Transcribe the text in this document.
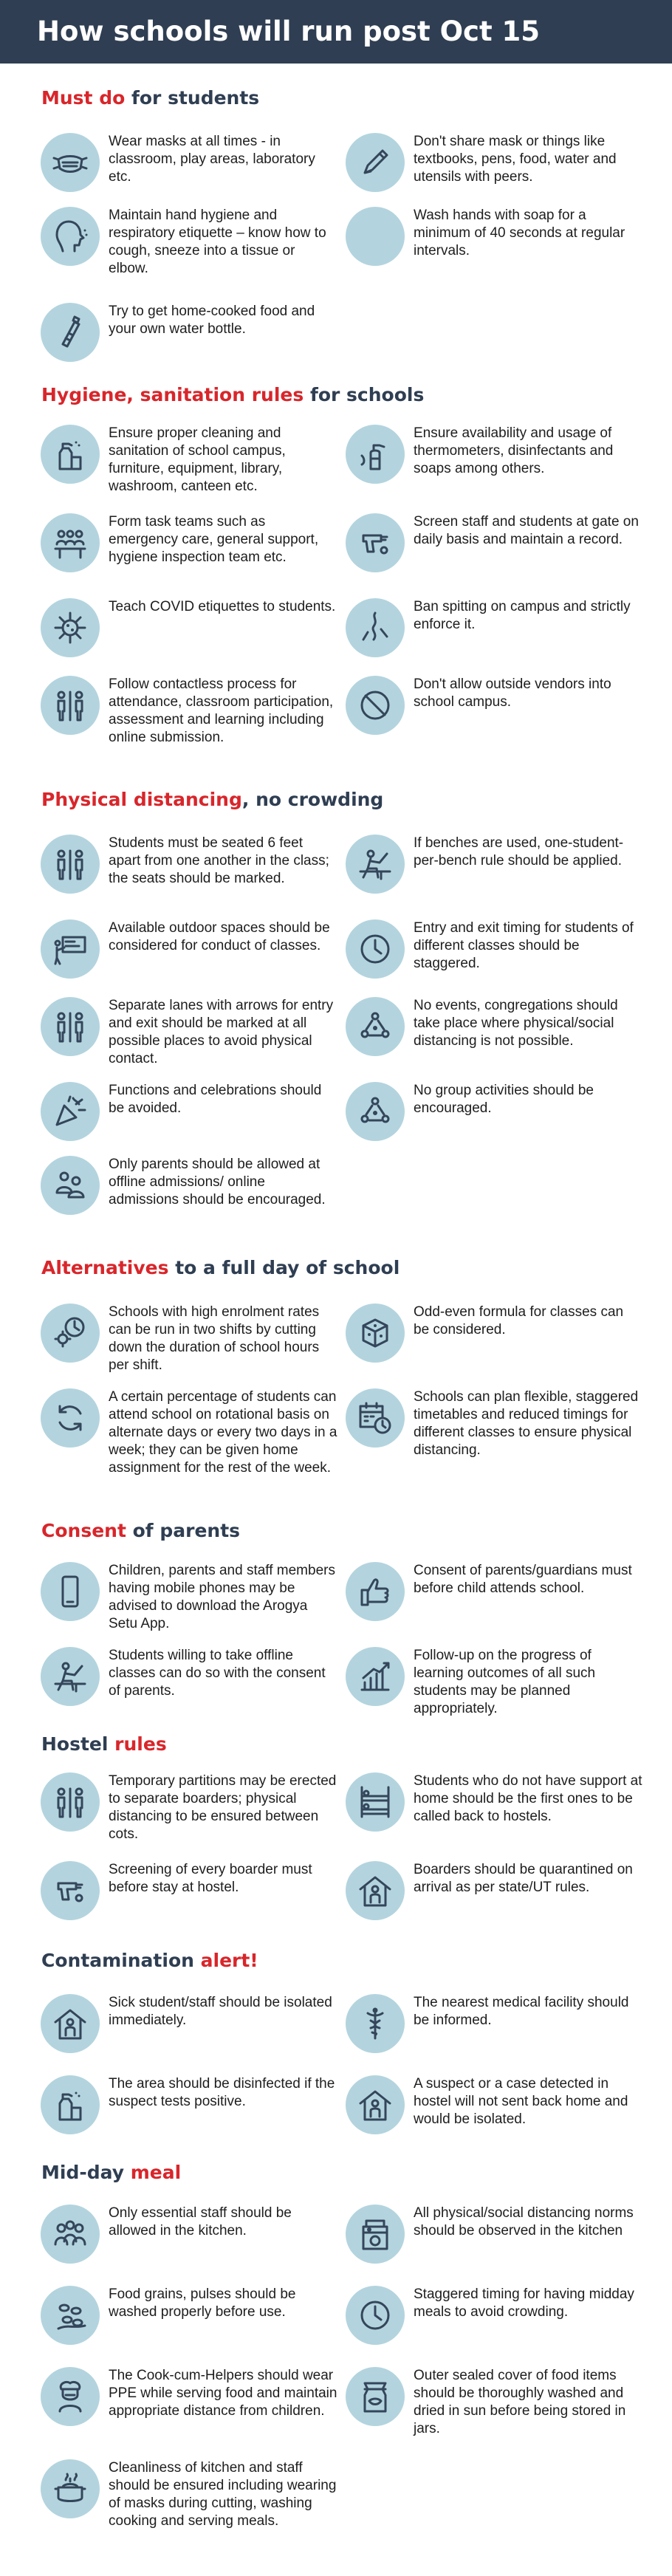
How schools will run post Oct 15
Must do for students
Hygiene, sanitation rules for schools
Physical distancing, no crowding
Alternatives to a full day of school
Consent of parents
Hostel rules
Contamination alert!
Mid-day meal
Wear masks at all times - in classroom, play areas, laboratory etc.
Don't share mask or things like textbooks, pens, food, water and utensils with peers.
Maintain hand hygiene and respiratory etiquette – know how to cough, sneeze into a tissue or elbow.
Wash hands with soap for a minimum of 40 seconds at regular intervals.
Try to get home-cooked food and your own water bottle.
Ensure proper cleaning and sanitation of school campus, furniture, equipment, library, washroom, canteen etc.
Ensure availability and usage of thermometers, disinfectants and soaps among others.
Form task teams such as emergency care, general support, hygiene inspection team etc.
Screen staff and students at gate on daily basis and maintain a record.
Teach COVID etiquettes to students.	Ban spitting on campus and strictly enforce it.
Follow contactless process for attendance, classroom participation, assessment and learning including online submission.
Don't allow outside vendors into school campus.
Students must be seated 6 feet apart from one another in the class; the seats should be marked.
If benches are used, one-student-per-bench rule should be applied.
Available outdoor spaces should be considered for conduct of classes.
Entry and exit timing for students of different classes should be staggered.
Separate lanes with arrows for entry and exit should be marked at all possible places to avoid physical contact.
No events, congregations should take place where physical/social distancing is not possible.
Functions and celebrations should be avoided.
No group activities should be encouraged.
Only parents should be allowed at offline admissions/ online admissions should be encouraged.
Schools with high enrolment rates can be run in two shifts by cutting down the duration of school hours per shift.
Odd-even formula for classes can be considered.
A certain percentage of students can attend school on rotational basis on alternate days or every two days in a week; they can be given home assignment for the rest of the week.
Schools can plan flexible, staggered timetables and reduced timings for different classes to ensure physical distancing.
Children, parents and staff members having mobile phones may be advised to download the Arogya Setu App.
Consent of parents/guardians must before child attends school.
Students willing to take offline classes can do so with the consent of parents.
Follow-up on the progress of learning outcomes of all such students may be planned appropriately.
Temporary partitions may be erected to separate boarders; physical distancing to be ensured between cots.
Students who do not have support at home should be the first ones to be called back to hostels.
Screening of every boarder must before stay at hostel.
Boarders should be quarantined on arrival as per state/UT rules.
Sick student/staff should be isolated immediately.
The nearest medical facility should be informed.
The area should be disinfected if the suspect tests positive.
A suspect or a case detected in hostel will not sent back home and would be isolated.
Only essential staff should be allowed in the kitchen.
All physical/social distancing norms should be observed in the kitchen
Food grains, pulses should be washed properly before use.
Staggered timing for having midday meals to avoid crowding.
The Cook-cum-Helpers should wear PPE while serving food and maintain appropriate distance from children.
Outer sealed cover of food items should be thoroughly washed and dried in sun before being stored in jars.
Cleanliness of kitchen and staff should be ensured including wearing of masks during cutting, washing cooking and serving meals.
